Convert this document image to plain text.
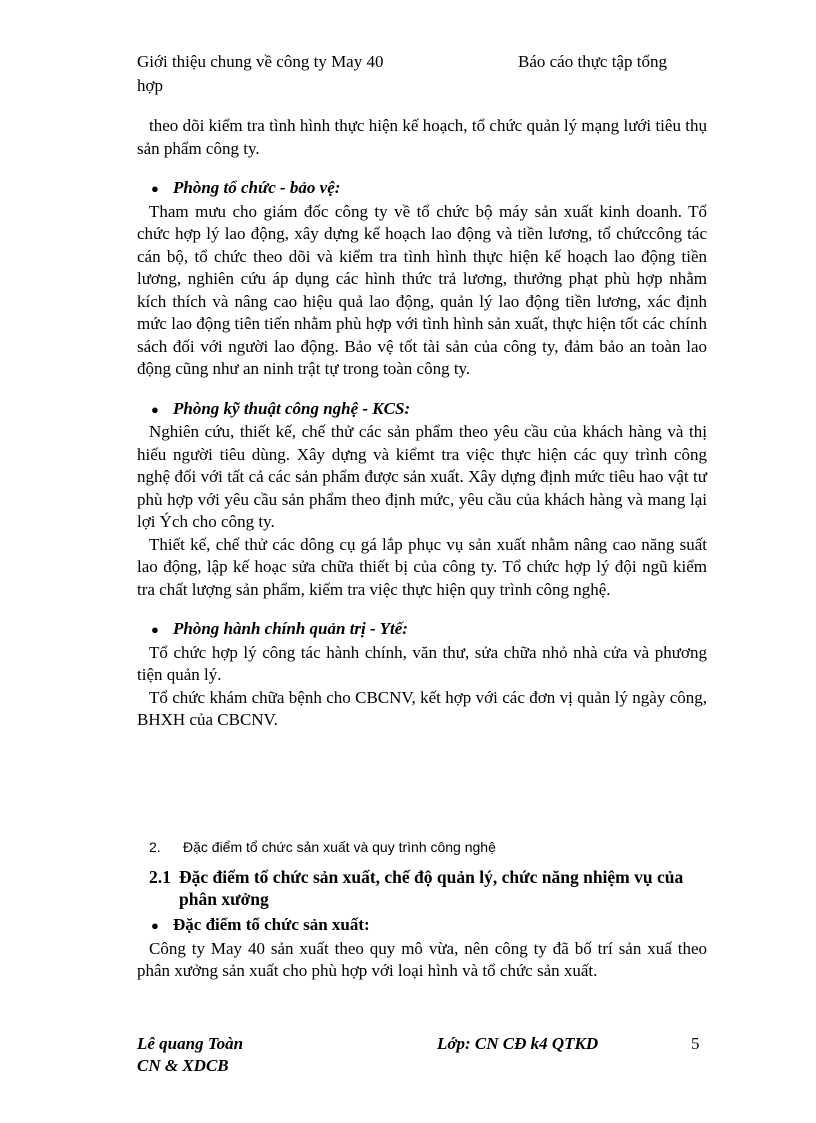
Giới thiệu chung về công ty May 40	Báo cáo thực tập tổng
hợp

theo dõi kiểm tra tình hình thực hiện kế hoạch, tổ chức quản lý mạng lưới tiêu thụ sản phẩm công ty.

● Phòng tổ chức - bảo vệ:

Tham mưu cho giám đốc công ty về tổ chức bộ máy sản xuất kinh doanh. Tổ chức hợp lý lao động, xây dựng kế hoạch lao động và tiền lương, tổ chứccông tác cán bộ, tổ chức theo dõi và kiểm tra tình hình thực hiện kế hoạch lao động tiền lương, nghiên cứu áp dụng các hình thức trả lương, thưởng phạt phù hợp nhằm kích thích và nâng cao hiệu quả lao động, quản lý lao động tiền lương, xác định mức lao động tiên tiến nhằm phù hợp với tình hình sản xuất, thực hiện tốt các chính sách đối với người lao động. Bảo vệ tốt tài sản của công ty, đảm bảo an toàn lao động cũng như an ninh trật tự trong toàn công ty.

● Phòng kỹ thuật công nghệ - KCS:

Nghiên cứu, thiết kế, chế thử các sản phẩm theo yêu cầu của khách hàng và thị hiếu người tiêu dùng. Xây dựng và kiểmt tra việc thực hiện các quy trình công nghệ đối với tất cả các sản phẩm được sản xuất. Xây dựng định mức tiêu hao vật tư phù hợp với yêu cầu sản phẩm theo định mức, yêu cầu của khách hàng và mang lại lợi Ých cho công ty.

Thiết kế, chế thử các dông cụ gá lắp phục vụ sản xuất nhằm nâng cao năng suất lao động, lập kế hoạc sửa chữa thiết bị của công ty. Tổ chức hợp lý đội ngũ kiểm tra chất lượng sản phẩm, kiểm tra việc thực hiện quy trình công nghệ.

● Phòng hành chính quản trị - Ytế:

Tổ chức hợp lý công tác hành chính, văn thư, sửa chữa nhỏ nhà cửa và phương tiện quản lý.

Tổ chức khám chữa bệnh cho CBCNV, kết hợp với các đơn vị quản lý ngày công, BHXH của CBCNV.

2.	Đặc điểm tổ chức sản xuất và quy trình công nghệ
2.1 Đặc điểm tổ chức sản xuất, chế độ quản lý, chức năng nhiệm vụ của phân xưởng
● Đặc điểm tổ chức sản xuất:

Công ty May 40 sản xuất theo quy mô vừa, nên công ty đã bố trí sản xuấ theo phân xưởng sản xuất cho phù hợp với loại hình và tổ chức sản xuất.

Lê quang Toàn
CN & XDCB
Lớp: CN CĐ k4 QTKD	5
